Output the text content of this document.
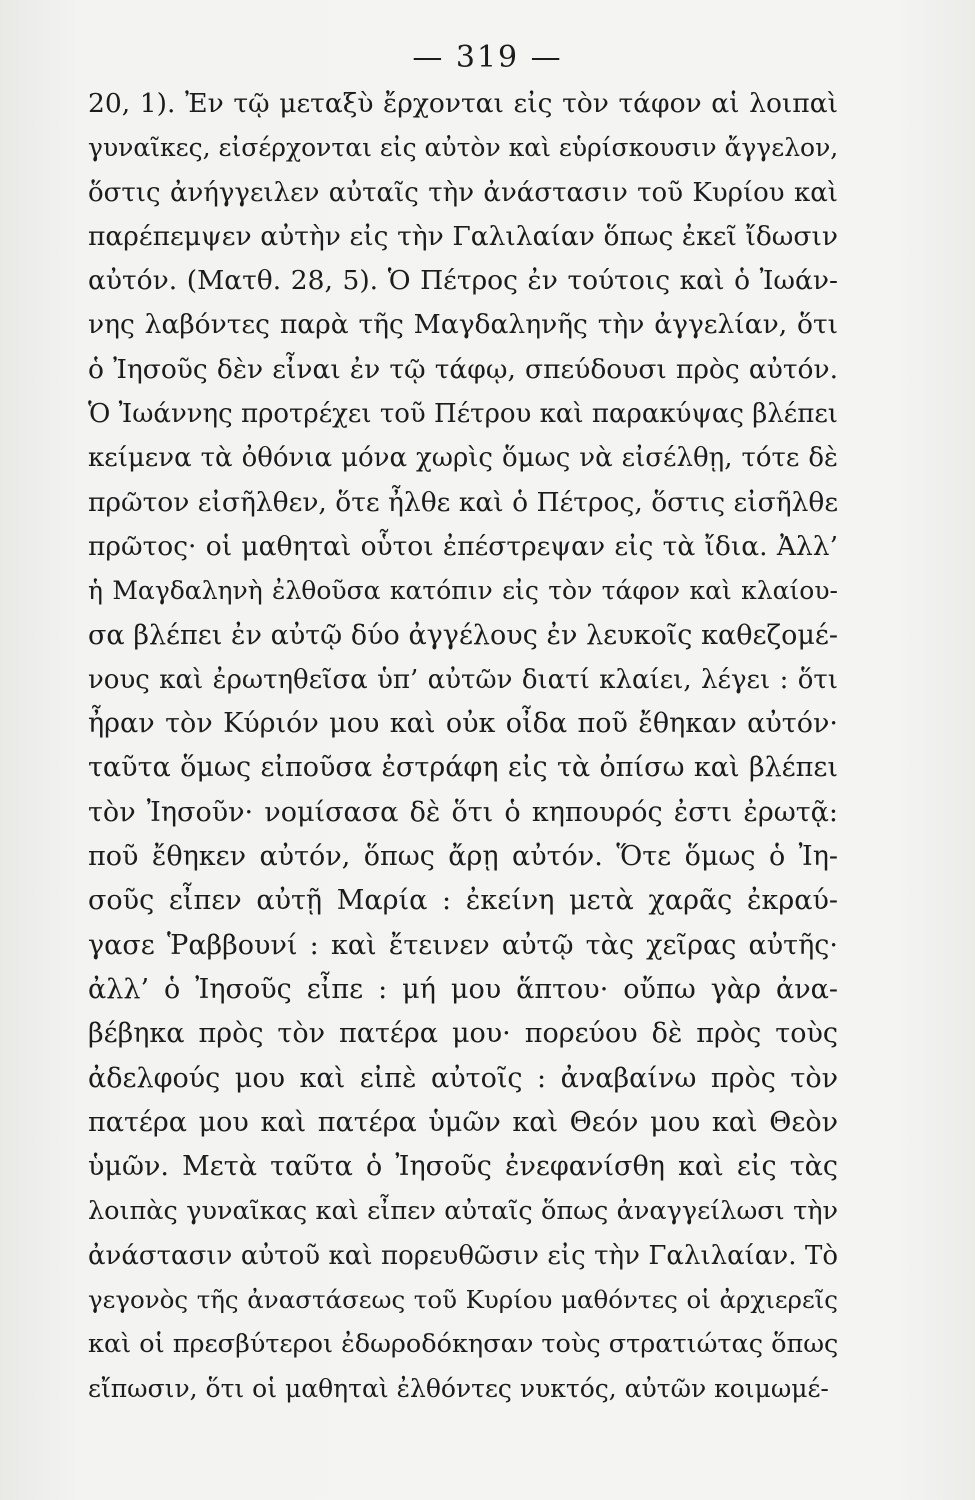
— 319 —
20, 1). Ἐν τῷ μεταξὺ ἔρχονται εἰς τὸν τάφον αἱ λοιπαὶ
γυναῖκες, εἰσέρχονται εἰς αὐτὸν καὶ εὑρίσκουσιν ἄγγελον,
ὅστις ἀνήγγειλεν αὐταῖς τὴν ἀνάστασιν τοῦ Κυρίου καὶ
παρέπεμψεν αὐτὴν εἰς τὴν Γαλιλαίαν ὅπως ἐκεῖ ἴδωσιν
αὐτόν. (Ματθ. 28, 5). Ὁ Πέτρος ἐν τούτοις καὶ ὁ Ἰωάν-
νης λαβόντες παρὰ τῆς Μαγδαληνῆς τὴν ἀγγελίαν, ὅτι
ὁ Ἰησοῦς δὲν εἶναι ἐν τῷ τάφῳ, σπεύδουσι πρὸς αὐτόν.
Ὁ Ἰωάννης προτρέχει τοῦ Πέτρου καὶ παρακύψας βλέπει
κείμενα τὰ ὀθόνια μόνα χωρὶς ὅμως νὰ εἰσέλθῃ, τότε δὲ
πρῶτον εἰσῆλθεν, ὅτε ἦλθε καὶ ὁ Πέτρος, ὅστις εἰσῆλθε
πρῶτος· οἱ μαθηταὶ οὗτοι ἐπέστρεψαν εἰς τὰ ἴδια. Ἀλλ’
ἡ Μαγδαληνὴ ἐλθοῦσα κατόπιν εἰς τὸν τάφον καὶ κλαίου-
σα βλέπει ἐν αὐτῷ δύο ἀγγέλους ἐν λευκοῖς καθεζομέ-
νους καὶ ἐρωτηθεῖσα ὑπ’ αὐτῶν διατί κλαίει, λέγει : ὅτι
ἦραν τὸν Κύριόν μου καὶ οὐκ οἶδα ποῦ ἔθηκαν αὐτόν·
ταῦτα ὅμως εἰποῦσα ἐστράφη εἰς τὰ ὀπίσω καὶ βλέπει
τὸν Ἰησοῦν· νομίσασα δὲ ὅτι ὁ κηπουρός ἐστι ἐρωτᾷ:
ποῦ ἔθηκεν αὐτόν, ὅπως ἄρῃ αὐτόν. Ὅτε ὅμως ὁ Ἰη-
σοῦς εἶπεν αὐτῇ Μαρία : ἐκείνη μετὰ χαρᾶς ἐκραύ-
γασε Ῥαββουνί : καὶ ἔτεινεν αὐτῷ τὰς χεῖρας αὐτῆς·
ἀλλ’ ὁ Ἰησοῦς εἶπε : μή μου ἅπτου· οὔπω γὰρ ἀνα-
βέβηκα πρὸς τὸν πατέρα μου· πορεύου δὲ πρὸς τοὺς
ἀδελφούς μου καὶ εἰπὲ αὐτοῖς : ἀναβαίνω πρὸς τὸν
πατέρα μου καὶ πατέρα ὑμῶν καὶ Θεόν μου καὶ Θεὸν
ὑμῶν. Μετὰ ταῦτα ὁ Ἰησοῦς ἐνεφανίσθη καὶ εἰς τὰς
λοιπὰς γυναῖκας καὶ εἶπεν αὐταῖς ὅπως ἀναγγείλωσι τὴν
ἀνάστασιν αὐτοῦ καὶ πορευθῶσιν εἰς τὴν Γαλιλαίαν. Τὸ
γεγονὸς τῆς ἀναστάσεως τοῦ Κυρίου μαθόντες οἱ ἀρχιερεῖς
καὶ οἱ πρεσβύτεροι ἐδωροδόκησαν τοὺς στρατιώτας ὅπως
εἴπωσιν, ὅτι οἱ μαθηταὶ ἐλθόντες νυκτός, αὐτῶν κοιμωμέ-
